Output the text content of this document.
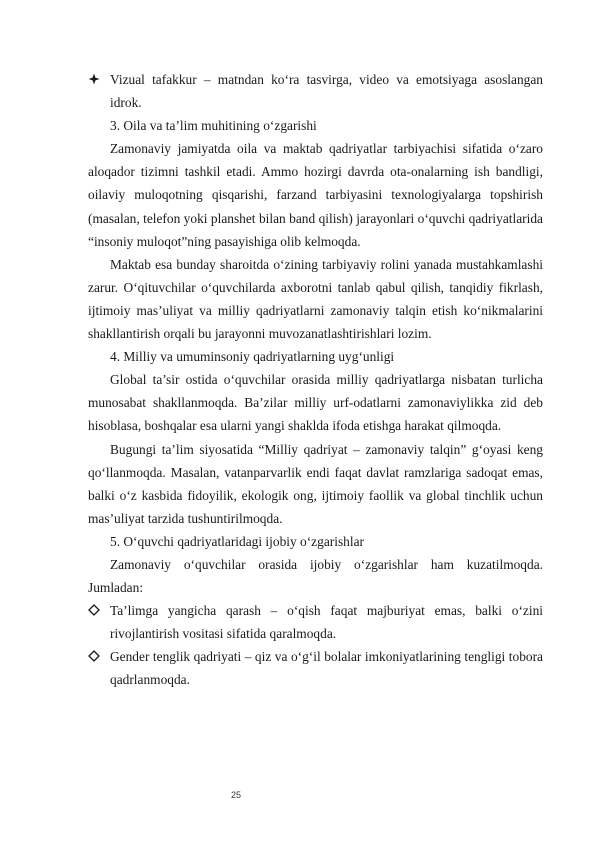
Vizual tafakkur – matndan ko‘ra tasvirga, video va emotsiyaga asoslangan idrok.
3. Oila va ta’lim muhitining o‘zgarishi

Zamonaviy jamiyatda oila va maktab qadriyatlar tarbiyachisi sifatida o‘zaro aloqador tizimni tashkil etadi. Ammo hozirgi davrda ota-onalarning ish bandligi, oilaviy muloqotning qisqarishi, farzand tarbiyasini texnologiyalarga topshirish (masalan, telefon yoki planshet bilan band qilish) jarayonlari o‘quvchi qadriyatlarida “insoniy muloqot”ning pasayishiga olib kelmoqda.

Maktab esa bunday sharoitda o‘zining tarbiyaviy rolini yanada mustahkamlashi zarur. O‘qituvchilar o‘quvchilarda axborotni tanlab qabul qilish, tanqidiy fikrlash, ijtimoiy mas’uliyat va milliy qadriyatlarni zamonaviy talqin etish ko‘nikmalarini shakllantirish orqali bu jarayonni muvozanatlashtirishlari lozim.

4. Milliy va umuminsoniy qadriyatlarning uyg‘unligi

Global ta’sir ostida o‘quvchilar orasida milliy qadriyatlarga nisbatan turlicha munosabat shakllanmoqda. Ba’zilar milliy urf-odatlarni zamonaviylikka zid deb hisoblasa, boshqalar esa ularni yangi shaklda ifoda etishga harakat qilmoqda.

Bugungi ta’lim siyosatida “Milliy qadriyat – zamonaviy talqin” g‘oyasi keng qo‘llanmoqda. Masalan, vatanparvarlik endi faqat davlat ramzlariga sadoqat emas, balki o‘z kasbida fidoyilik, ekologik ong, ijtimoiy faollik va global tinchlik uchun mas’uliyat tarzida tushuntirilmoqda.

5. O‘quvchi qadriyatlaridagi ijobiy o‘zgarishlar

Zamonaviy o‘quvchilar orasida ijobiy o‘zgarishlar ham kuzatilmoqda. Jumladan:

Ta’limga yangicha qarash – o‘qish faqat majburiyat emas, balki o‘zini rivojlantirish vositasi sifatida qaralmoqda.
Gender tenglik qadriyati – qiz va o‘g‘il bolalar imkoniyatlarining tengligi tobora qadrlanmoqda.
25
